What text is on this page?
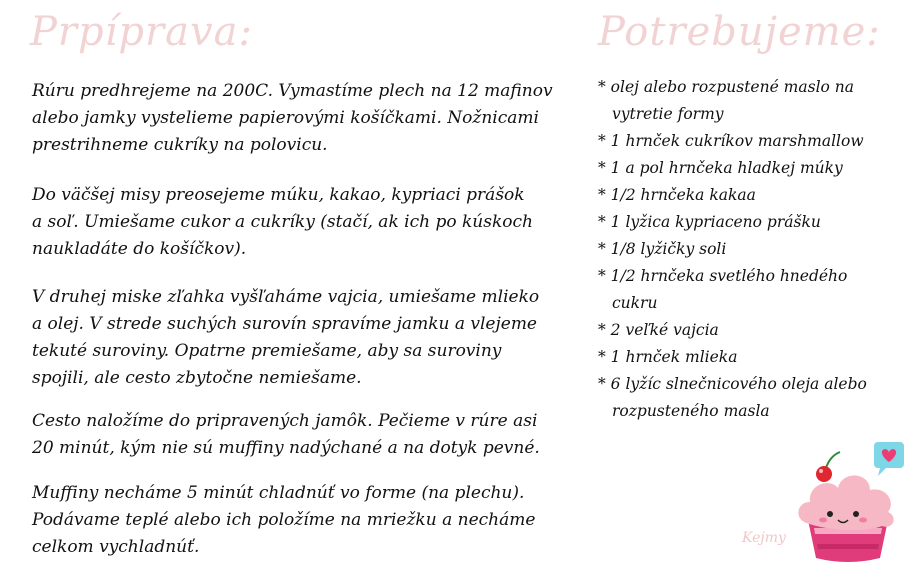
Prpíprava:

Rúru predhrejeme na 200C. Vymastíme plech na 12 mafinov
alebo jamky vystelieme papierovými košíčkami. Nožnicami
prestrihneme cukríky na polovicu.

Do väčšej misy preosejeme múku, kakao, kypriaci prášok
a soľ. Umiešame cukor a cukríky (stačí, ak ich po kúskoch
naukladáte do košíčkov).

V druhej miske zľahka vyšľaháme vajcia, umiešame mlieko
a olej. V strede suchých surovín spravíme jamku a vlejeme
tekuté suroviny. Opatrne premiešame, aby sa suroviny
spojili, ale cesto zbytočne nemiešame.

Cesto naložíme do pripravených jamôk. Pečieme v rúre asi
20 minút, kým nie sú muffiny nadýchané a na dotyk pevné.

Muffiny necháme 5 minút chladnúť vo forme (na plechu).
Podávame teplé alebo ich položíme na mriežku a necháme
celkom vychladnúť.

Potrebujeme:
* olej alebo rozpustené maslo na
vytretie formy
* 1 hrnček cukríkov marshmallow
* 1 a pol hrnčeka hladkej múky
* 1/2 hrnčeka kakaa
* 1 lyžica kypriaceno prášku
* 1/8 lyžičky soli
* 1/2 hrnčeka svetlého hnedého
cukru
* 2 veľké vajcia
* 1 hrnček mlieka
* 6 lyžíc slnečnicového oleja alebo
rozpusteného masla

Kejmy
